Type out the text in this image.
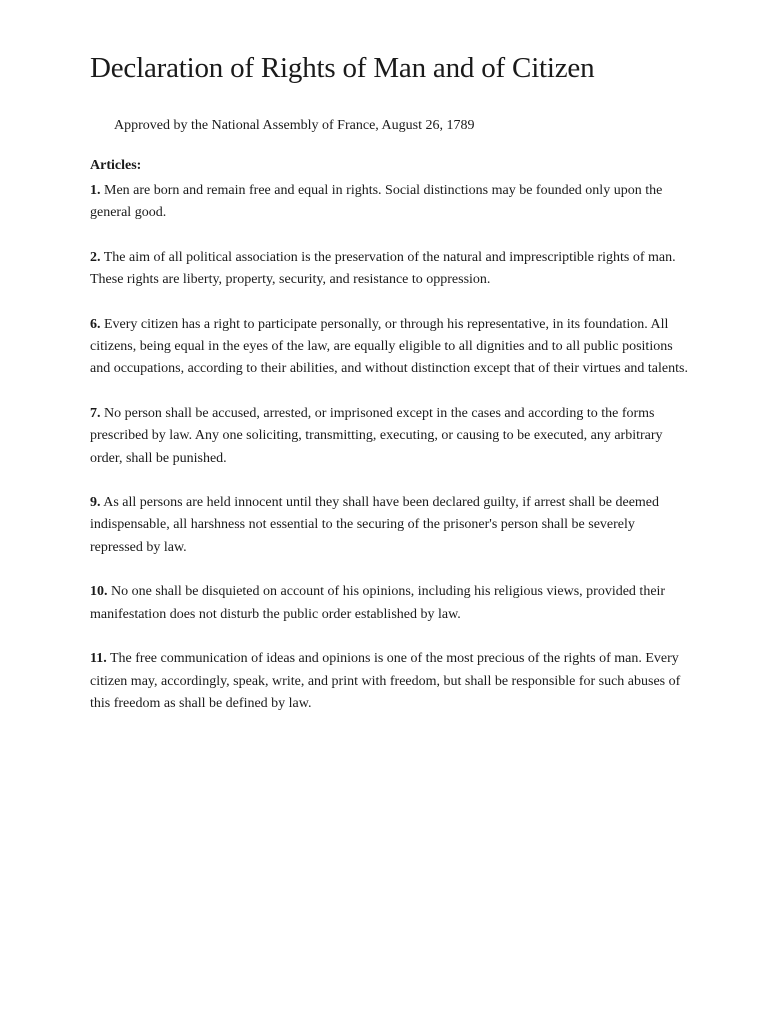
Declaration of Rights of Man and of Citizen
Approved by the National Assembly of France, August 26, 1789
Articles:

1. Men are born and remain free and equal in rights. Social distinctions may be founded only upon the general good.

2. The aim of all political association is the preservation of the natural and imprescriptible rights of man. These rights are liberty, property, security, and resistance to oppression.

6. Every citizen has a right to participate personally, or through his representative, in its foundation. All citizens, being equal in the eyes of the law, are equally eligible to all dignities and to all public positions and occupations, according to their abilities, and without distinction except that of their virtues and talents.

7. No person shall be accused, arrested, or imprisoned except in the cases and according to the forms prescribed by law. Any one soliciting, transmitting, executing, or causing to be executed, any arbitrary order, shall be punished.

9. As all persons are held innocent until they shall have been declared guilty, if arrest shall be deemed indispensable, all harshness not essential to the securing of the prisoner's person shall be severely repressed by law.

10. No one shall be disquieted on account of his opinions, including his religious views, provided their manifestation does not disturb the public order established by law.

11. The free communication of ideas and opinions is one of the most precious of the rights of man. Every citizen may, accordingly, speak, write, and print with freedom, but shall be responsible for such abuses of this freedom as shall be defined by law.
